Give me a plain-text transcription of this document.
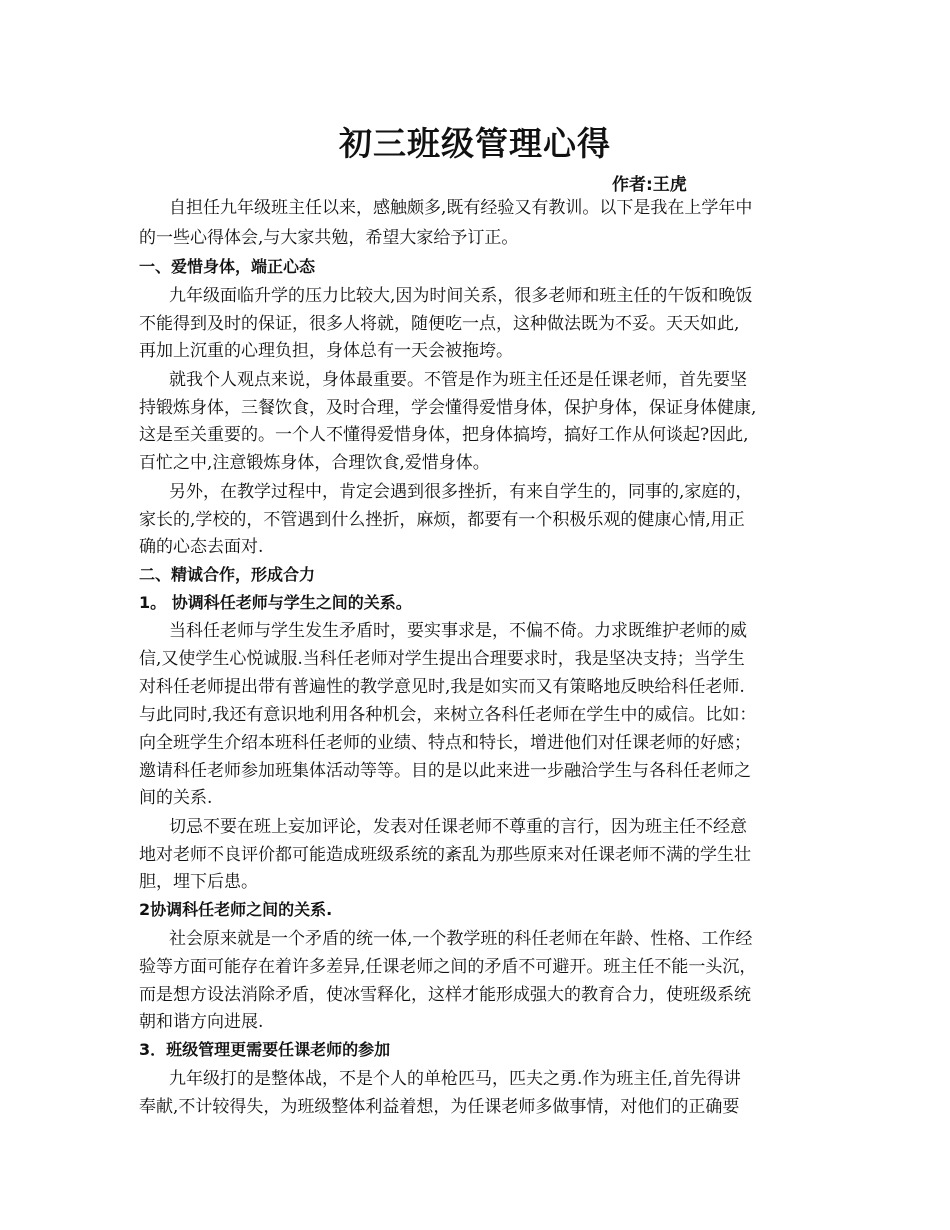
初三班级管理心得
作者:王虎
自担任九年级班主任以来，感触颇多,既有经验又有教训。以下是我在上学年中
的一些心得体会,与大家共勉，希望大家给予订正。
一、爱惜身体，端正心态
九年级面临升学的压力比较大,因为时间关系，很多老师和班主任的午饭和晚饭
不能得到及时的保证，很多人将就，随便吃一点，这种做法既为不妥。天天如此,
再加上沉重的心理负担，身体总有一天会被拖垮。
就我个人观点来说，身体最重要。不管是作为班主任还是任课老师，首先要坚
持锻炼身体，三餐饮食，及时合理，学会懂得爱惜身体，保护身体，保证身体健康,
这是至关重要的。一个人不懂得爱惜身体，把身体搞垮，搞好工作从何谈起?因此,
百忙之中,注意锻炼身体，合理饮食,爱惜身体。
另外，在教学过程中，肯定会遇到很多挫折，有来自学生的，同事的,家庭的，
家长的,学校的，不管遇到什么挫折，麻烦，都要有一个积极乐观的健康心情,用正
确的心态去面对.
二、精诚合作，形成合力
1。 协调科任老师与学生之间的关系。
当科任老师与学生发生矛盾时，要实事求是，不偏不倚。力求既维护老师的威
信,又使学生心悦诚服.当科任老师对学生提出合理要求时，我是坚决支持；当学生
对科任老师提出带有普遍性的教学意见时,我是如实而又有策略地反映给科任老师.
与此同时,我还有意识地利用各种机会，来树立各科任老师在学生中的威信。比如：
向全班学生介绍本班科任老师的业绩、特点和特长，增进他们对任课老师的好感；
邀请科任老师参加班集体活动等等。目的是以此来进一步融洽学生与各科任老师之
间的关系.
切忌不要在班上妄加评论，发表对任课老师不尊重的言行，因为班主任不经意
地对老师不良评价都可能造成班级系统的紊乱为那些原来对任课老师不满的学生壮
胆，埋下后患。
2协调科任老师之间的关系.
社会原来就是一个矛盾的统一体,一个教学班的科任老师在年龄、性格、工作经
验等方面可能存在着许多差异,任课老师之间的矛盾不可避开。班主任不能一头沉，
而是想方设法消除矛盾，使冰雪释化，这样才能形成强大的教育合力，使班级系统
朝和谐方向进展.
3．班级管理更需要任课老师的参加
九年级打的是整体战，不是个人的单枪匹马，匹夫之勇.作为班主任,首先得讲
奉献,不计较得失，为班级整体利益着想，为任课老师多做事情，对他们的正确要
